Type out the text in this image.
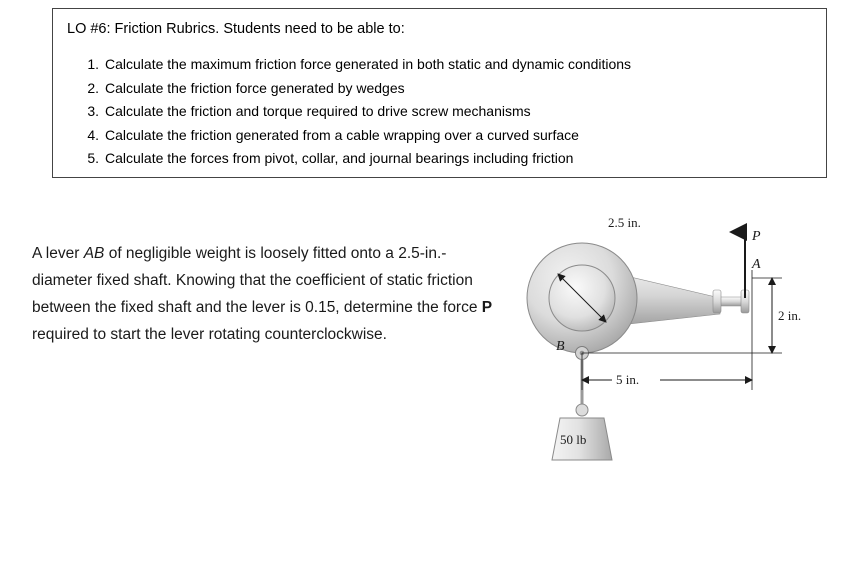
LO #6: Friction Rubrics. Students need to be able to:
1. Calculate the maximum friction force generated in both static and dynamic conditions
2. Calculate the friction force generated by wedges
3. Calculate the friction and torque required to drive screw mechanisms
4. Calculate the friction generated from a cable wrapping over a curved surface
5. Calculate the forces from pivot, collar, and journal bearings including friction
A lever AB of negligible weight is loosely fitted onto a 2.5-in.-diameter fixed shaft. Knowing that the coefficient of static friction between the fixed shaft and the lever is 0.15, determine the force P required to start the lever rotating counterclockwise.
P
A
2.5 in.
B
50 lb
5 in.
2 in.
